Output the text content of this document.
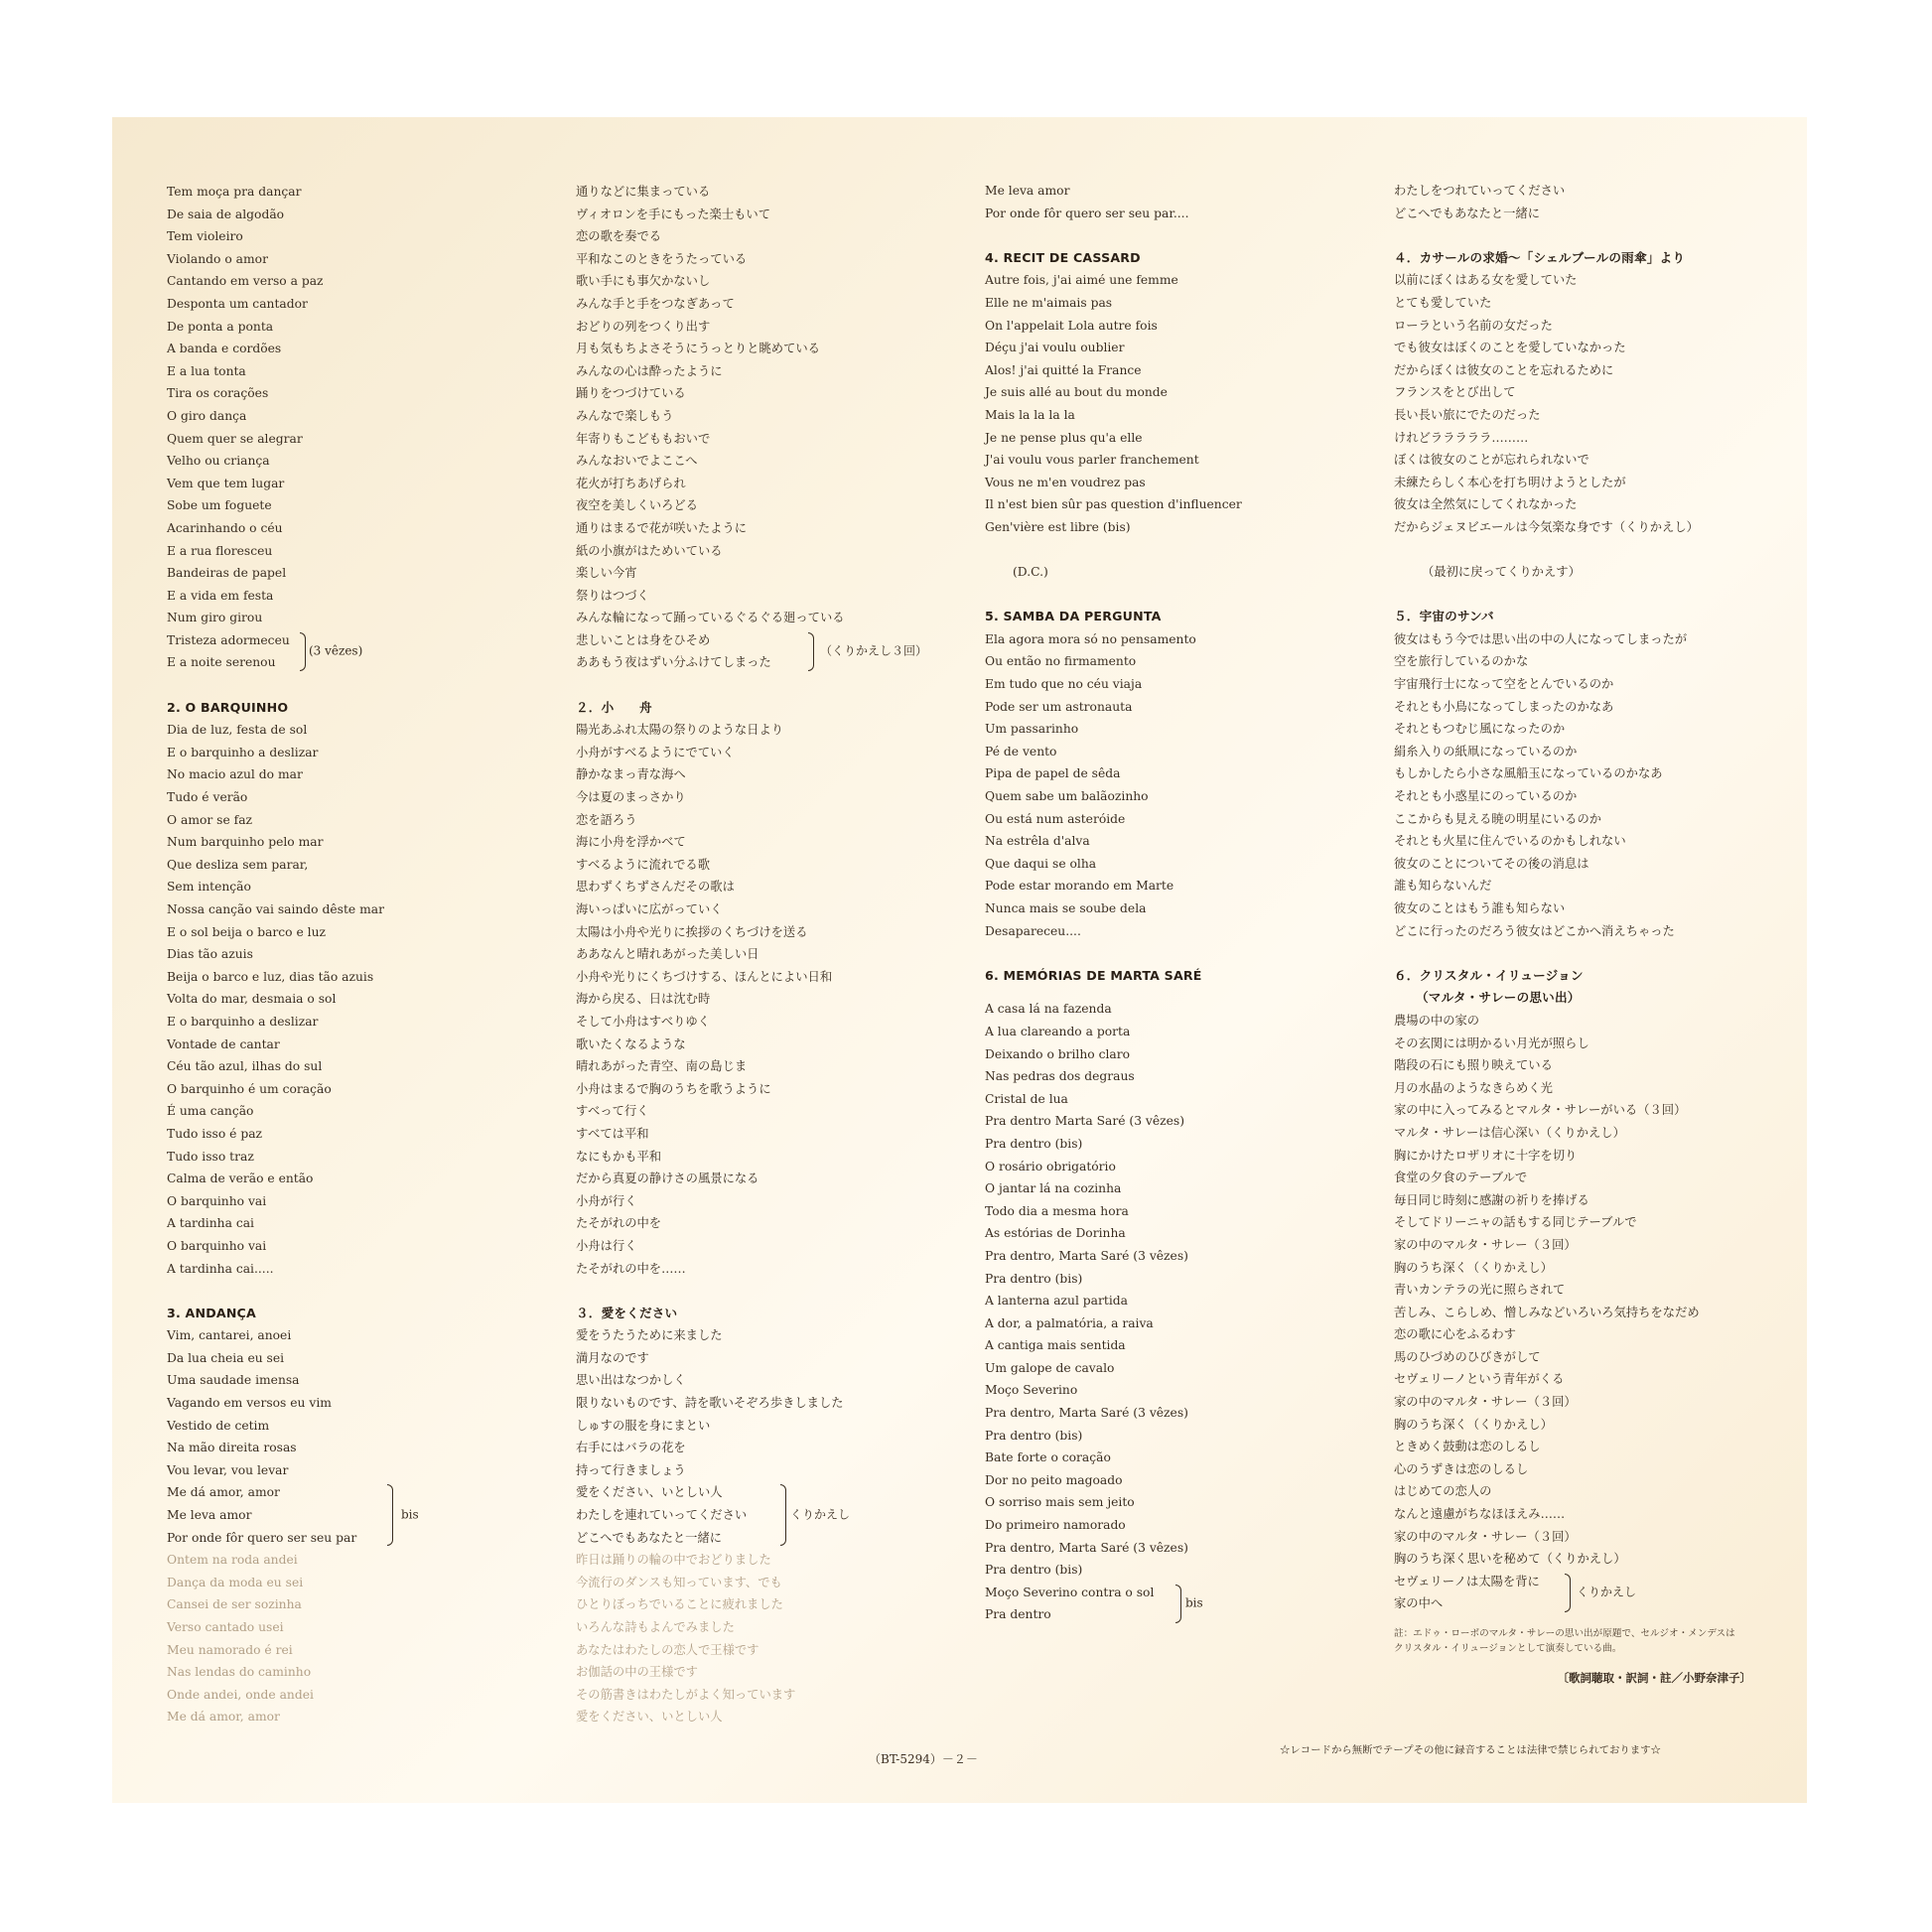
Tem moça pra dançar
De saia de algodão
Tem violeiro
Violando o amor
Cantando em verso a paz
Desponta um cantador
De ponta a ponta
A banda e cordões
E a lua tonta
Tira os corações
O giro dança
Quem quer se alegrar
Velho ou criança
Vem que tem lugar
Sobe um foguete
Acarinhando o céu
E a rua floresceu
Bandeiras de papel
E a vida em festa
Num giro girou
Tristeza adormeceu
E a noite serenou
(3 vêzes)
2. O BARQUINHO
Dia de luz, festa de sol
E o barquinho a deslizar
No macio azul do mar
Tudo é verão
O amor se faz
Num barquinho pelo mar
Que desliza sem parar,
Sem intenção
Nossa canção vai saindo dêste mar
E o sol beija o barco e luz
Dias tão azuis
Beija o barco e luz, dias tão azuis
Volta do mar, desmaia o sol
E o barquinho a deslizar
Vontade de cantar
Céu tão azul, ilhas do sul
O barquinho é um coração
É uma canção
Tudo isso é paz
Tudo isso traz
Calma de verão e então
O barquinho vai
A tardinha cai
O barquinho vai
A tardinha cai.....
3. ANDANÇA
Vim, cantarei, anoei
Da lua cheia eu sei
Uma saudade imensa
Vagando em versos eu vim
Vestido de cetim
Na mão direita rosas
Vou levar, vou levar
Me dá amor, amor
Me leva amor
Por onde fôr quero ser seu par
bis
Ontem na roda andei
Dança da moda eu sei
Cansei de ser sozinha
Verso cantado usei
Meu namorado é rei
Nas lendas do caminho
Onde andei, onde andei
Me dá amor, amor
通りなどに集まっている
ヴィオロンを手にもった楽士もいて
恋の歌を奏でる
平和なこのときをうたっている
歌い手にも事欠かないし
みんな手と手をつなぎあって
おどりの列をつくり出す
月も気もちよさそうにうっとりと眺めている
みんなの心は酔ったように
踊りをつづけている
みんなで楽しもう
年寄りもこどももおいで
みんなおいでよここへ
花火が打ちあげられ
夜空を美しくいろどる
通りはまるで花が咲いたように
紙の小旗がはためいている
楽しい今宵
祭りはつづく
みんな輪になって踊っているぐるぐる廻っている
悲しいことは身をひそめ
ああもう夜はずい分ふけてしまった
（くりかえし３回）
２．小　　舟
陽光あふれ太陽の祭りのような日より
小舟がすべるようにでていく
静かなまっ青な海へ
今は夏のまっさかり
恋を語ろう
海に小舟を浮かべて
すべるように流れでる歌
思わずくちずさんだその歌は
海いっぱいに広がっていく
太陽は小舟や光りに挨拶のくちづけを送る
ああなんと晴れあがった美しい日
小舟や光りにくちづけする、ほんとによい日和
海から戻る、日は沈む時
そして小舟はすべりゆく
歌いたくなるような
晴れあがった青空、南の島じま
小舟はまるで胸のうちを歌うように
すべって行く
すべては平和
なにもかも平和
だから真夏の静けさの風景になる
小舟が行く
たそがれの中を
小舟は行く
たそがれの中を……
３．愛をください
愛をうたうために来ました
満月なのです
思い出はなつかしく
限りないものです、詩を歌いそぞろ歩きしました
しゅすの服を身にまとい
右手にはバラの花を
持って行きましょう
愛をください、いとしい人
わたしを連れていってください
どこへでもあなたと一緒に
くりかえし
昨日は踊りの輪の中でおどりました
今流行のダンスも知っています、でも
ひとりぼっちでいることに疲れました
いろんな詩もよんでみました
あなたはわたしの恋人で王様です
お伽話の中の王様です
その筋書きはわたしがよく知っています
愛をください、いとしい人
Me leva amor
Por onde fôr quero ser seu par....
4. RECIT DE CASSARD
Autre fois, j'ai aimé une femme
Elle ne m'aimais pas
On l'appelait Lola autre fois
Déçu j'ai voulu oublier
Alos! j'ai quitté la France
Je suis allé au bout du monde
Mais la la la la
Je ne pense plus qu'a elle
J'ai voulu vous parler franchement
Vous ne m'en voudrez pas
Il n'est bien sûr pas question d'influencer
Gen'vière est libre (bis)
(D.C.)
5. SAMBA DA PERGUNTA
Ela agora mora só no pensamento
Ou então no firmamento
Em tudo que no céu viaja
Pode ser um astronauta
Um passarinho
Pé de vento
Pipa de papel de sêda
Quem sabe um balãozinho
Ou está num asteróide
Na estrêla d'alva
Que daqui se olha
Pode estar morando em Marte
Nunca mais se soube dela
Desapareceu....
6. MEMÓRIAS DE MARTA SARÉ
A casa lá na fazenda
A lua clareando a porta
Deixando o brilho claro
Nas pedras dos degraus
Cristal de lua
Pra dentro Marta Saré (3 vêzes)
Pra dentro (bis)
O rosário obrigatório
O jantar lá na cozinha
Todo dia a mesma hora
As estórias de Dorinha
Pra dentro, Marta Saré (3 vêzes)
Pra dentro (bis)
A lanterna azul partida
A dor, a palmatória, a raiva
A cantiga mais sentida
Um galope de cavalo
Moço Severino
Pra dentro, Marta Saré (3 vêzes)
Pra dentro (bis)
Bate forte o coração
Dor no peito magoado
O sorriso mais sem jeito
Do primeiro namorado
Pra dentro, Marta Saré (3 vêzes)
Pra dentro (bis)
Moço Severino contra o sol
Pra dentro
bis
わたしをつれていってください
どこへでもあなたと一緒に
４．カサールの求婚～「シェルブールの雨傘」より
以前にぼくはある女を愛していた
とても愛していた
ローラという名前の女だった
でも彼女はぼくのことを愛していなかった
だからぼくは彼女のことを忘れるために
フランスをとび出して
長い長い旅にでたのだった
けれどラララララ………
ぼくは彼女のことが忘れられないで
未練たらしく本心を打ち明けようとしたが
彼女は全然気にしてくれなかった
だからジェヌビエールは今気楽な身です（くりかえし）
（最初に戻ってくりかえす）
５．宇宙のサンバ
彼女はもう今では思い出の中の人になってしまったが
空を旅行しているのかな
宇宙飛行士になって空をとんでいるのか
それとも小鳥になってしまったのかなあ
それともつむじ風になったのか
絹糸入りの紙凧になっているのか
もしかしたら小さな風船玉になっているのかなあ
それとも小惑星にのっているのか
ここからも見える暁の明星にいるのか
それとも火星に住んでいるのかもしれない
彼女のことについてその後の消息は
誰も知らないんだ
彼女のことはもう誰も知らない
どこに行ったのだろう彼女はどこかへ消えちゃった
６．クリスタル・イリュージョン
（マルタ・サレーの思い出）
農場の中の家の
その玄関には明かるい月光が照らし
階段の石にも照り映えている
月の水晶のようなきらめく光
家の中に入ってみるとマルタ・サレーがいる（３回）
マルタ・サレーは信心深い（くりかえし）
胸にかけたロザリオに十字を切り
食堂の夕食のテーブルで
毎日同じ時刻に感謝の祈りを捧げる
そしてドリーニャの話もする同じテーブルで
家の中のマルタ・サレー（３回）
胸のうち深く（くりかえし）
青いカンテラの光に照らされて
苦しみ、こらしめ、憎しみなどいろいろ気持ちをなだめ
恋の歌に心をふるわす
馬のひづめのひびきがして
セヴェリーノという青年がくる
家の中のマルタ・サレー（３回）
胸のうち深く（くりかえし）
ときめく鼓動は恋のしるし
心のうずきは恋のしるし
はじめての恋人の
なんと遠慮がちなほほえみ……
家の中のマルタ・サレー（３回）
胸のうち深く思いを秘めて（くりかえし）
セヴェリーノは太陽を背に
家の中へ
くりかえし
註：エドゥ・ローボのマルタ・サレーの思い出が原題で、セルジオ・メンデスはクリスタル・イリュージョンとして演奏している曲。
〔歌詞聴取・訳詞・註／小野奈津子〕
（BT-5294）－２－
☆レコードから無断でテープその他に録音することは法律で禁じられております☆
